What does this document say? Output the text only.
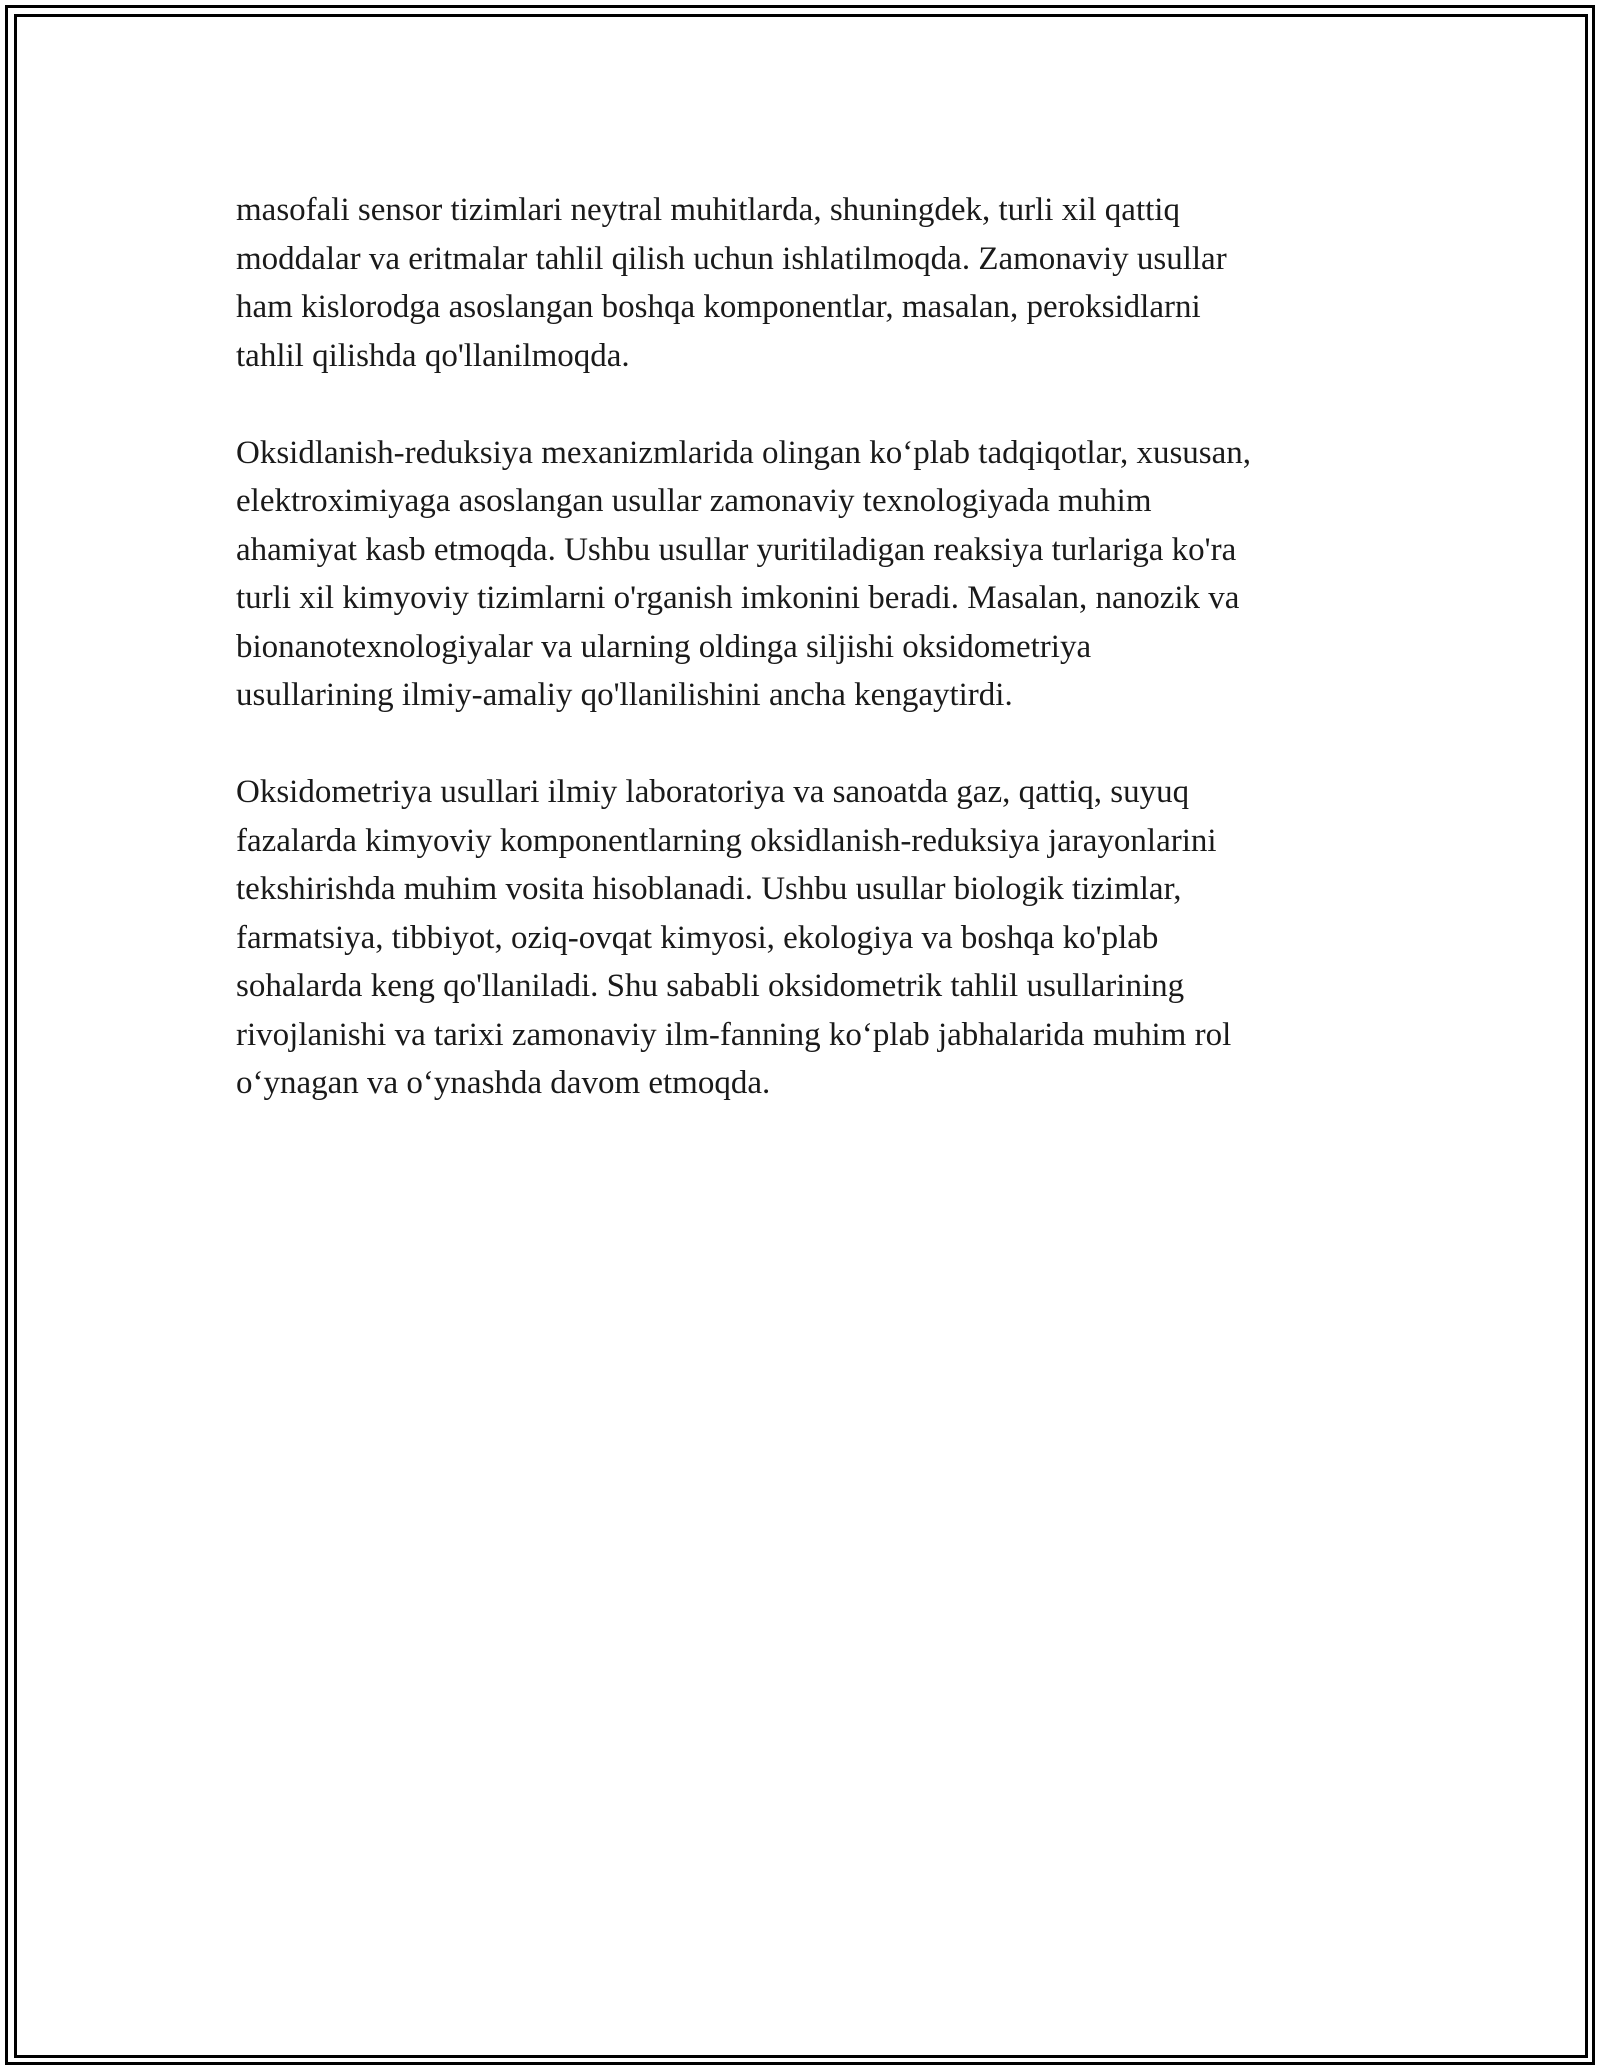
masofali sensor tizimlari neytral muhitlarda, shuningdek, turli xil qattiq
moddalar va eritmalar tahlil qilish uchun ishlatilmoqda. Zamonaviy usullar
ham kislorodga asoslangan boshqa komponentlar, masalan, peroksidlarni
tahlil qilishda qo'llanilmoqda.

Oksidlanish-reduksiya mexanizmlarida olingan koʻplab tadqiqotlar, xususan,
elektroximiyaga asoslangan usullar zamonaviy texnologiyada muhim
ahamiyat kasb etmoqda. Ushbu usullar yuritiladigan reaksiya turlariga ko'ra
turli xil kimyoviy tizimlarni o'rganish imkonini beradi. Masalan, nanozik va
bionanotexnologiyalar va ularning oldinga siljishi oksidometriya
usullarining ilmiy-amaliy qo'llanilishini ancha kengaytirdi.

Oksidometriya usullari ilmiy laboratoriya va sanoatda gaz, qattiq, suyuq
fazalarda kimyoviy komponentlarning oksidlanish-reduksiya jarayonlarini
tekshirishda muhim vosita hisoblanadi. Ushbu usullar biologik tizimlar,
farmatsiya, tibbiyot, oziq-ovqat kimyosi, ekologiya va boshqa ko'plab
sohalarda keng qo'llaniladi. Shu sababli oksidometrik tahlil usullarining
rivojlanishi va tarixi zamonaviy ilm-fanning koʻplab jabhalarida muhim rol
oʻynagan va oʻynashda davom etmoqda.
